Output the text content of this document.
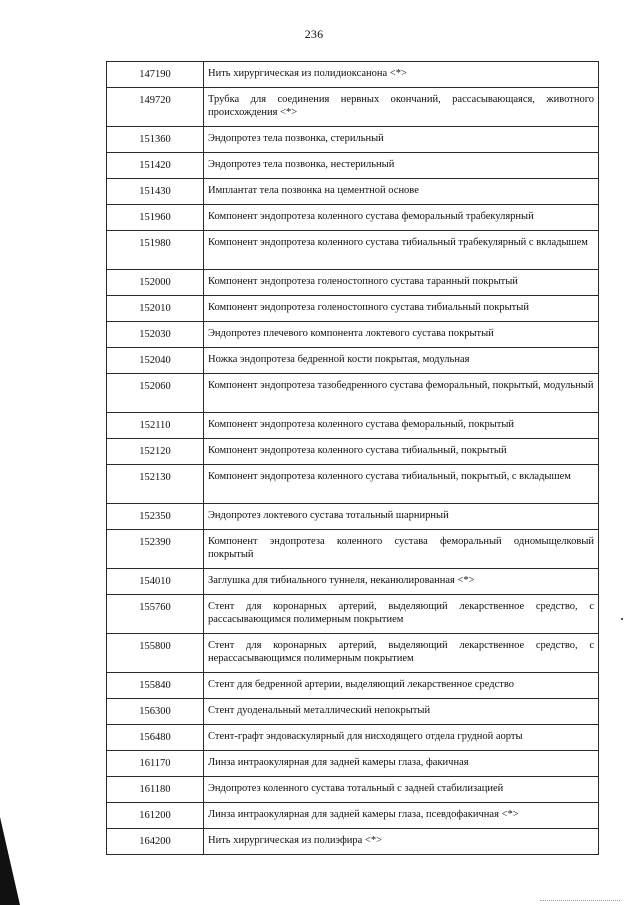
236
147190	Нить хирургическая из полидиоксанона <*>
149720	Трубка для соединения нервных окончаний, рассасывающаяся, животного происхождения <*>
151360	Эндопротез тела позвонка, стерильный
151420	Эндопротез тела позвонка, нестерильный
151430	Имплантат тела позвонка на цементной основе
151960	Компонент эндопротеза коленного сустава феморальный трабекулярный
151980	Компонент эндопротеза коленного сустава тибиальный трабекулярный с вкладышем
152000	Компонент эндопротеза голеностопного сустава таранный покрытый
152010	Компонент эндопротеза голеностопного сустава тибиальный покрытый
152030	Эндопротез плечевого компонента локтевого сустава покрытый
152040	Ножка эндопротеза бедренной кости покрытая, модульная
152060	Компонент эндопротеза тазобедренного сустава феморальный, покрытый, модульный
152110	Компонент эндопротеза коленного сустава феморальный, покрытый
152120	Компонент эндопротеза коленного сустава тибиальный, покрытый
152130	Компонент эндопротеза коленного сустава тибиальный, покрытый, с вкладышем
152350	Эндопротез локтевого сустава тотальный шарнирный
152390	Компонент эндопротеза коленного сустава феморальный одномыщелковый покрытый
154010	Заглушка для тибиального туннеля, неканюлированная <*>
155760	Стент для коронарных артерий, выделяющий лекарственное средство, с рассасывающимся полимерным покрытием
155800	Стент для коронарных артерий, выделяющий лекарственное средство, с нерассасывающимся полимерным покрытием
155840	Стент для бедренной артерии, выделяющий лекарственное средство
156300	Стент дуоденальный металлический непокрытый
156480	Стент-графт эндоваскулярный для нисходящего отдела грудной аорты
161170	Линза интраокулярная для задней камеры глаза, факичная
161180	Эндопротез коленного сустава тотальный с задней стабилизацией
161200	Линза интраокулярная для задней камеры глаза, псевдофакичная <*>
164200	Нить хирургическая из полиэфира <*>
